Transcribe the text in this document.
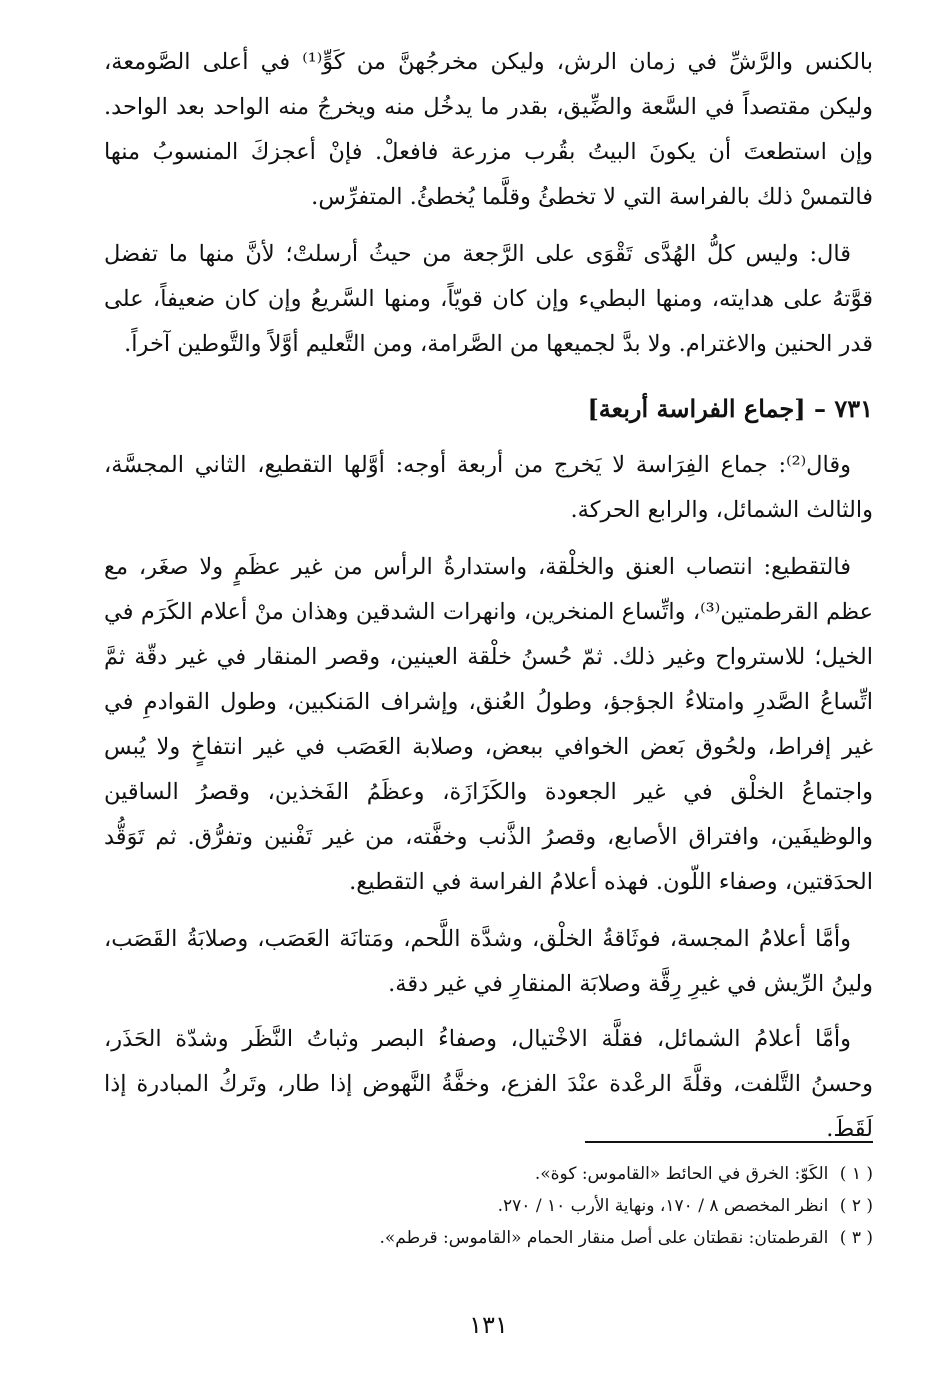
بالكنس والرَّشِّ في زمان الرش، وليكن مخرجُهنَّ من كَوٍّ⁽¹⁾ في أعلى الصَّومعة، وليكن مقتصداً في السَّعة والضِّيق، بقدر ما يدخُل منه ويخرجُ منه الواحد بعد الواحد. وإن استطعتَ أن يكونَ البيتُ بقُرب مزرعة فافعلْ. فإنْ أعجزكَ المنسوبُ منها فالتمسْ ذلك بالفراسة التي لا تخطئُ وقلَّما يُخطئُ. المتفرِّس.

قال: وليس كلُّ الهُدَّى تَقْوَى على الرَّجعة من حيثُ أرسلتْ؛ لأنَّ منها ما تفضل قوَّتهُ على هدايته، ومنها البطيء وإن كان قويّاً، ومنها السَّريعُ وإن كان ضعيفاً، على قدر الحنين والاغترام. ولا بدَّ لجميعها من الصَّرامة، ومن التَّعليم أوَّلاً والتَّوطين آخراً.

٧٣١ – [جماع الفراسة أربعة]

وقال⁽²⁾: جماع الفِرَاسة لا يَخرج من أربعة أوجه: أوَّلها التقطيع، الثاني المجسَّة، والثالث الشمائل، والرابع الحركة.

فالتقطيع: انتصاب العنق والخلْقة، واستدارةُ الرأس من غير عظَمٍ ولا صغَر، مع عظم القرطمتين⁽³⁾، واتِّساع المنخرين، وانهرات الشدقين وهذان منْ أعلام الكَرَم في الخيل؛ للاسترواح وغير ذلك. ثمّ حُسنُ خلْقة العينين، وقصر المنقار في غير دقّة ثمَّ اتِّساعُ الصَّدرِ وامتلاءُ الجؤجؤ، وطولُ العُنق، وإشراف المَنكبين، وطول القوادمِ في غير إفراط، ولحُوق بَعض الخوافي ببعض، وصلابة العَصَب في غير انتفاخٍ ولا يُبس واجتماعُ الخلْق في غير الجعودة والكَزَازَة، وعظَمُ الفَخذين، وقصرُ الساقين والوظيفَين، وافتراق الأصابع، وقصرُ الذَّنب وخفَّته، من غير تَفْنين وتفرُّق. ثم تَوَقُّد الحدَقتين، وصفاء اللّون. فهذه أعلامُ الفراسة في التقطيع.

وأمَّا أعلامُ المجسة، فوثَاقةُ الخلْق، وشدَّة اللَّحم، ومَتانَة العَصَب، وصلابَةُ القَصَب، ولينُ الرِّيش في غيرِ رِقَّة وصلابَة المنقارِ في غير دقة.

وأمَّا أعلامُ الشمائل، فقلَّة الاخْتيال، وصفاءُ البصر وثباتُ النَّظَر وشدّة الحَذَر، وحسنُ التَّلفت، وقلَّةَ الرعْدة عنْدَ الفزع، وخفَّةُ النَّهوض إذا طار، وتَركُ المبادرة إذا لَقَطَ.

( ١ ) الكَوّ: الخرق في الحائط «القاموس: كوة».

( ٢ ) انظر المخصص ٨ / ١٧٠، ونهاية الأرب ١٠ / ٢٧٠.

( ٣ ) القرطمتان: نقطتان على أصل منقار الحمام «القاموس: قرطم».

١٣١
